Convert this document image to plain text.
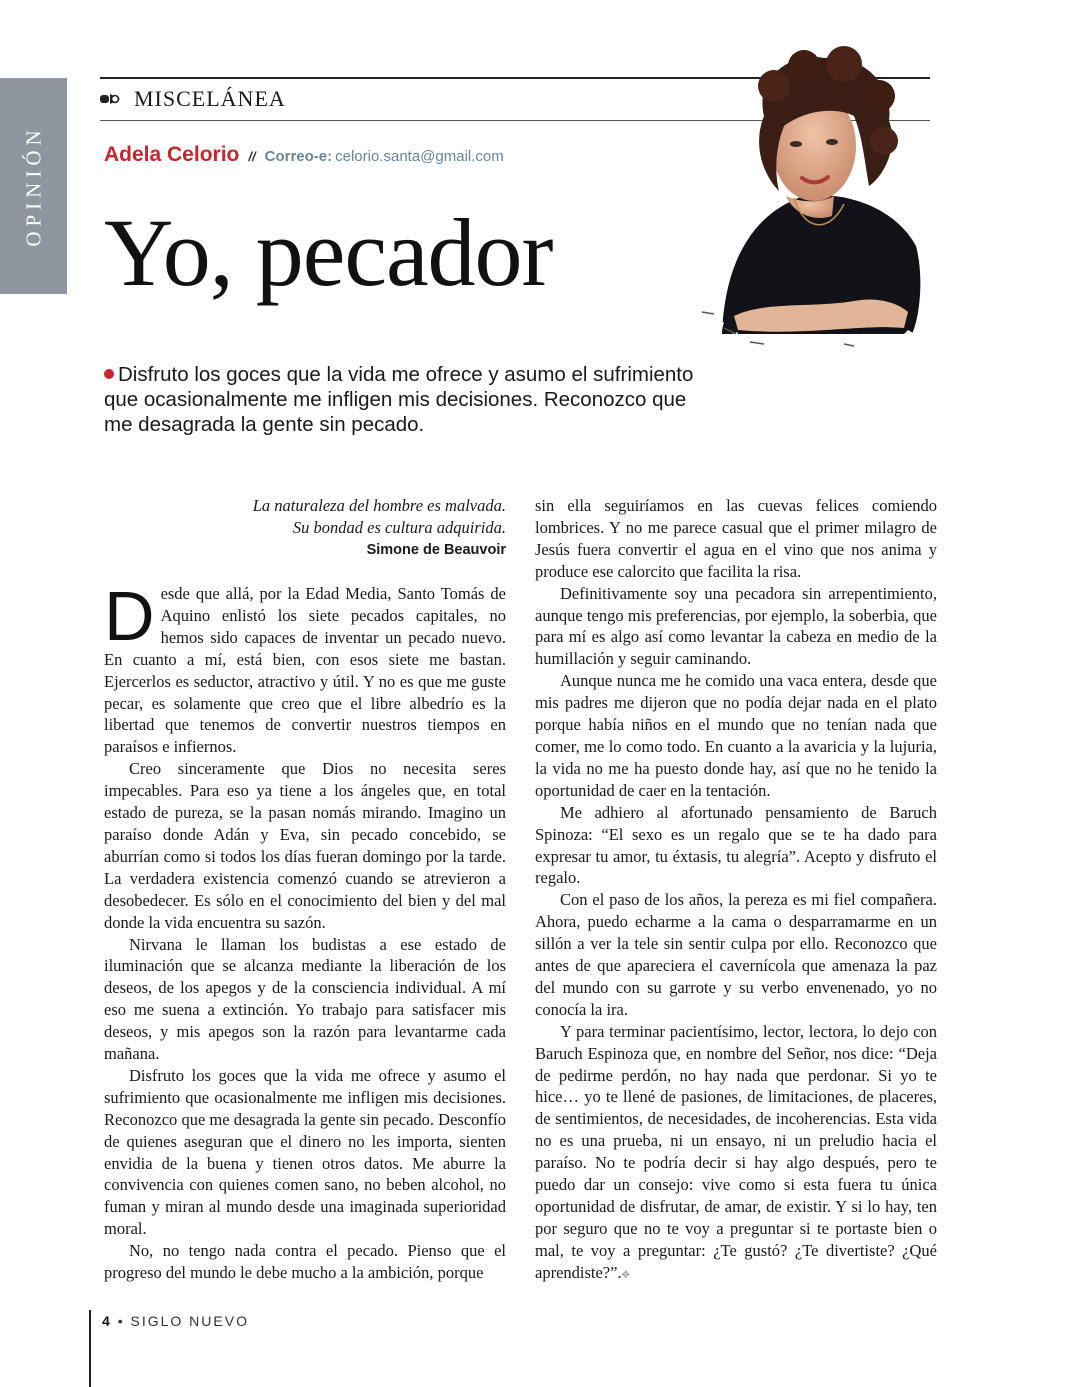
OPINIÓN
MISCELÁNEA
Adela Celorio // Correo-e: celorio.santa@gmail.com
Yo, pecador
Disfruto los goces que la vida me ofrece y asumo el sufrimiento que ocasionalmente me infligen mis decisiones. Reconozco que me desagrada la gente sin pecado.
La naturaleza del hombre es malvada.
Su bondad es cultura adquirida.
Simone de Beauvoir

Desde que allá, por la Edad Media, Santo Tomás de Aquino enlistó los siete pecados capitales, no hemos sido capaces de inventar un pecado nuevo. En cuanto a mí, está bien, con esos siete me bastan. Ejercerlos es seductor, atractivo y útil. Y no es que me guste pecar, es solamente que creo que el libre albedrío es la libertad que tenemos de convertir nuestros tiempos en paraísos e infiernos.

Creo sinceramente que Dios no necesita seres impecables. Para eso ya tiene a los ángeles que, en total estado de pureza, se la pasan nomás mirando. Imagino un paraíso donde Adán y Eva, sin pecado concebido, se aburrían como si todos los días fueran domingo por la tarde. La verdadera existencia comenzó cuando se atrevieron a desobedecer. Es sólo en el conocimiento del bien y del mal donde la vida encuentra su sazón.

Nirvana le llaman los budistas a ese estado de iluminación que se alcanza mediante la liberación de los deseos, de los apegos y de la consciencia individual. A mí eso me suena a extinción. Yo trabajo para satisfacer mis deseos, y mis apegos son la razón para levantarme cada mañana.

Disfruto los goces que la vida me ofrece y asumo el sufrimiento que ocasionalmente me infligen mis decisiones. Reconozco que me desagrada la gente sin pecado. Desconfío de quienes aseguran que el dinero no les importa, sienten envidia de la buena y tienen otros datos. Me aburre la convivencia con quienes comen sano, no beben alcohol, no fuman y miran al mundo desde una imaginada superioridad moral.

No, no tengo nada contra el pecado. Pienso que el progreso del mundo le debe mucho a la ambición, porque

sin ella seguiríamos en las cuevas felices comiendo lombrices. Y no me parece casual que el primer milagro de Jesús fuera convertir el agua en el vino que nos anima y produce ese calorcito que facilita la risa.

Definitivamente soy una pecadora sin arrepentimiento, aunque tengo mis preferencias, por ejemplo, la soberbia, que para mí es algo así como levantar la cabeza en medio de la humillación y seguir caminando.

Aunque nunca me he comido una vaca entera, desde que mis padres me dijeron que no podía dejar nada en el plato porque había niños en el mundo que no tenían nada que comer, me lo como todo. En cuanto a la avaricia y la lujuria, la vida no me ha puesto donde hay, así que no he tenido la oportunidad de caer en la tentación.

Me adhiero al afortunado pensamiento de Baruch Spinoza: “El sexo es un regalo que se te ha dado para expresar tu amor, tu éxtasis, tu alegría”. Acepto y disfruto el regalo.

Con el paso de los años, la pereza es mi fiel compañera. Ahora, puedo echarme a la cama o desparramarme en un sillón a ver la tele sin sentir culpa por ello. Reconozco que antes de que apareciera el cavernícola que amenaza la paz del mundo con su garrote y su verbo envenenado, yo no conocía la ira.

Y para terminar pacientísimo, lector, lectora, lo dejo con Baruch Espinoza que, en nombre del Señor, nos dice: “Deja de pedirme perdón, no hay nada que perdonar. Si yo te hice… yo te llené de pasiones, de limitaciones, de placeres, de sentimientos, de necesidades, de incoherencias. Esta vida no es una prueba, ni un ensayo, ni un preludio hacia el paraíso. No te podría decir si hay algo después, pero te puedo dar un consejo: vive como si esta fuera tu única oportunidad de disfrutar, de amar, de existir. Y si lo hay, ten por seguro que no te voy a preguntar si te portaste bien o mal, te voy a preguntar: ¿Te gustó? ¿Te divertiste? ¿Qué aprendiste?”.✥

4 • SIGLO NUEVO
